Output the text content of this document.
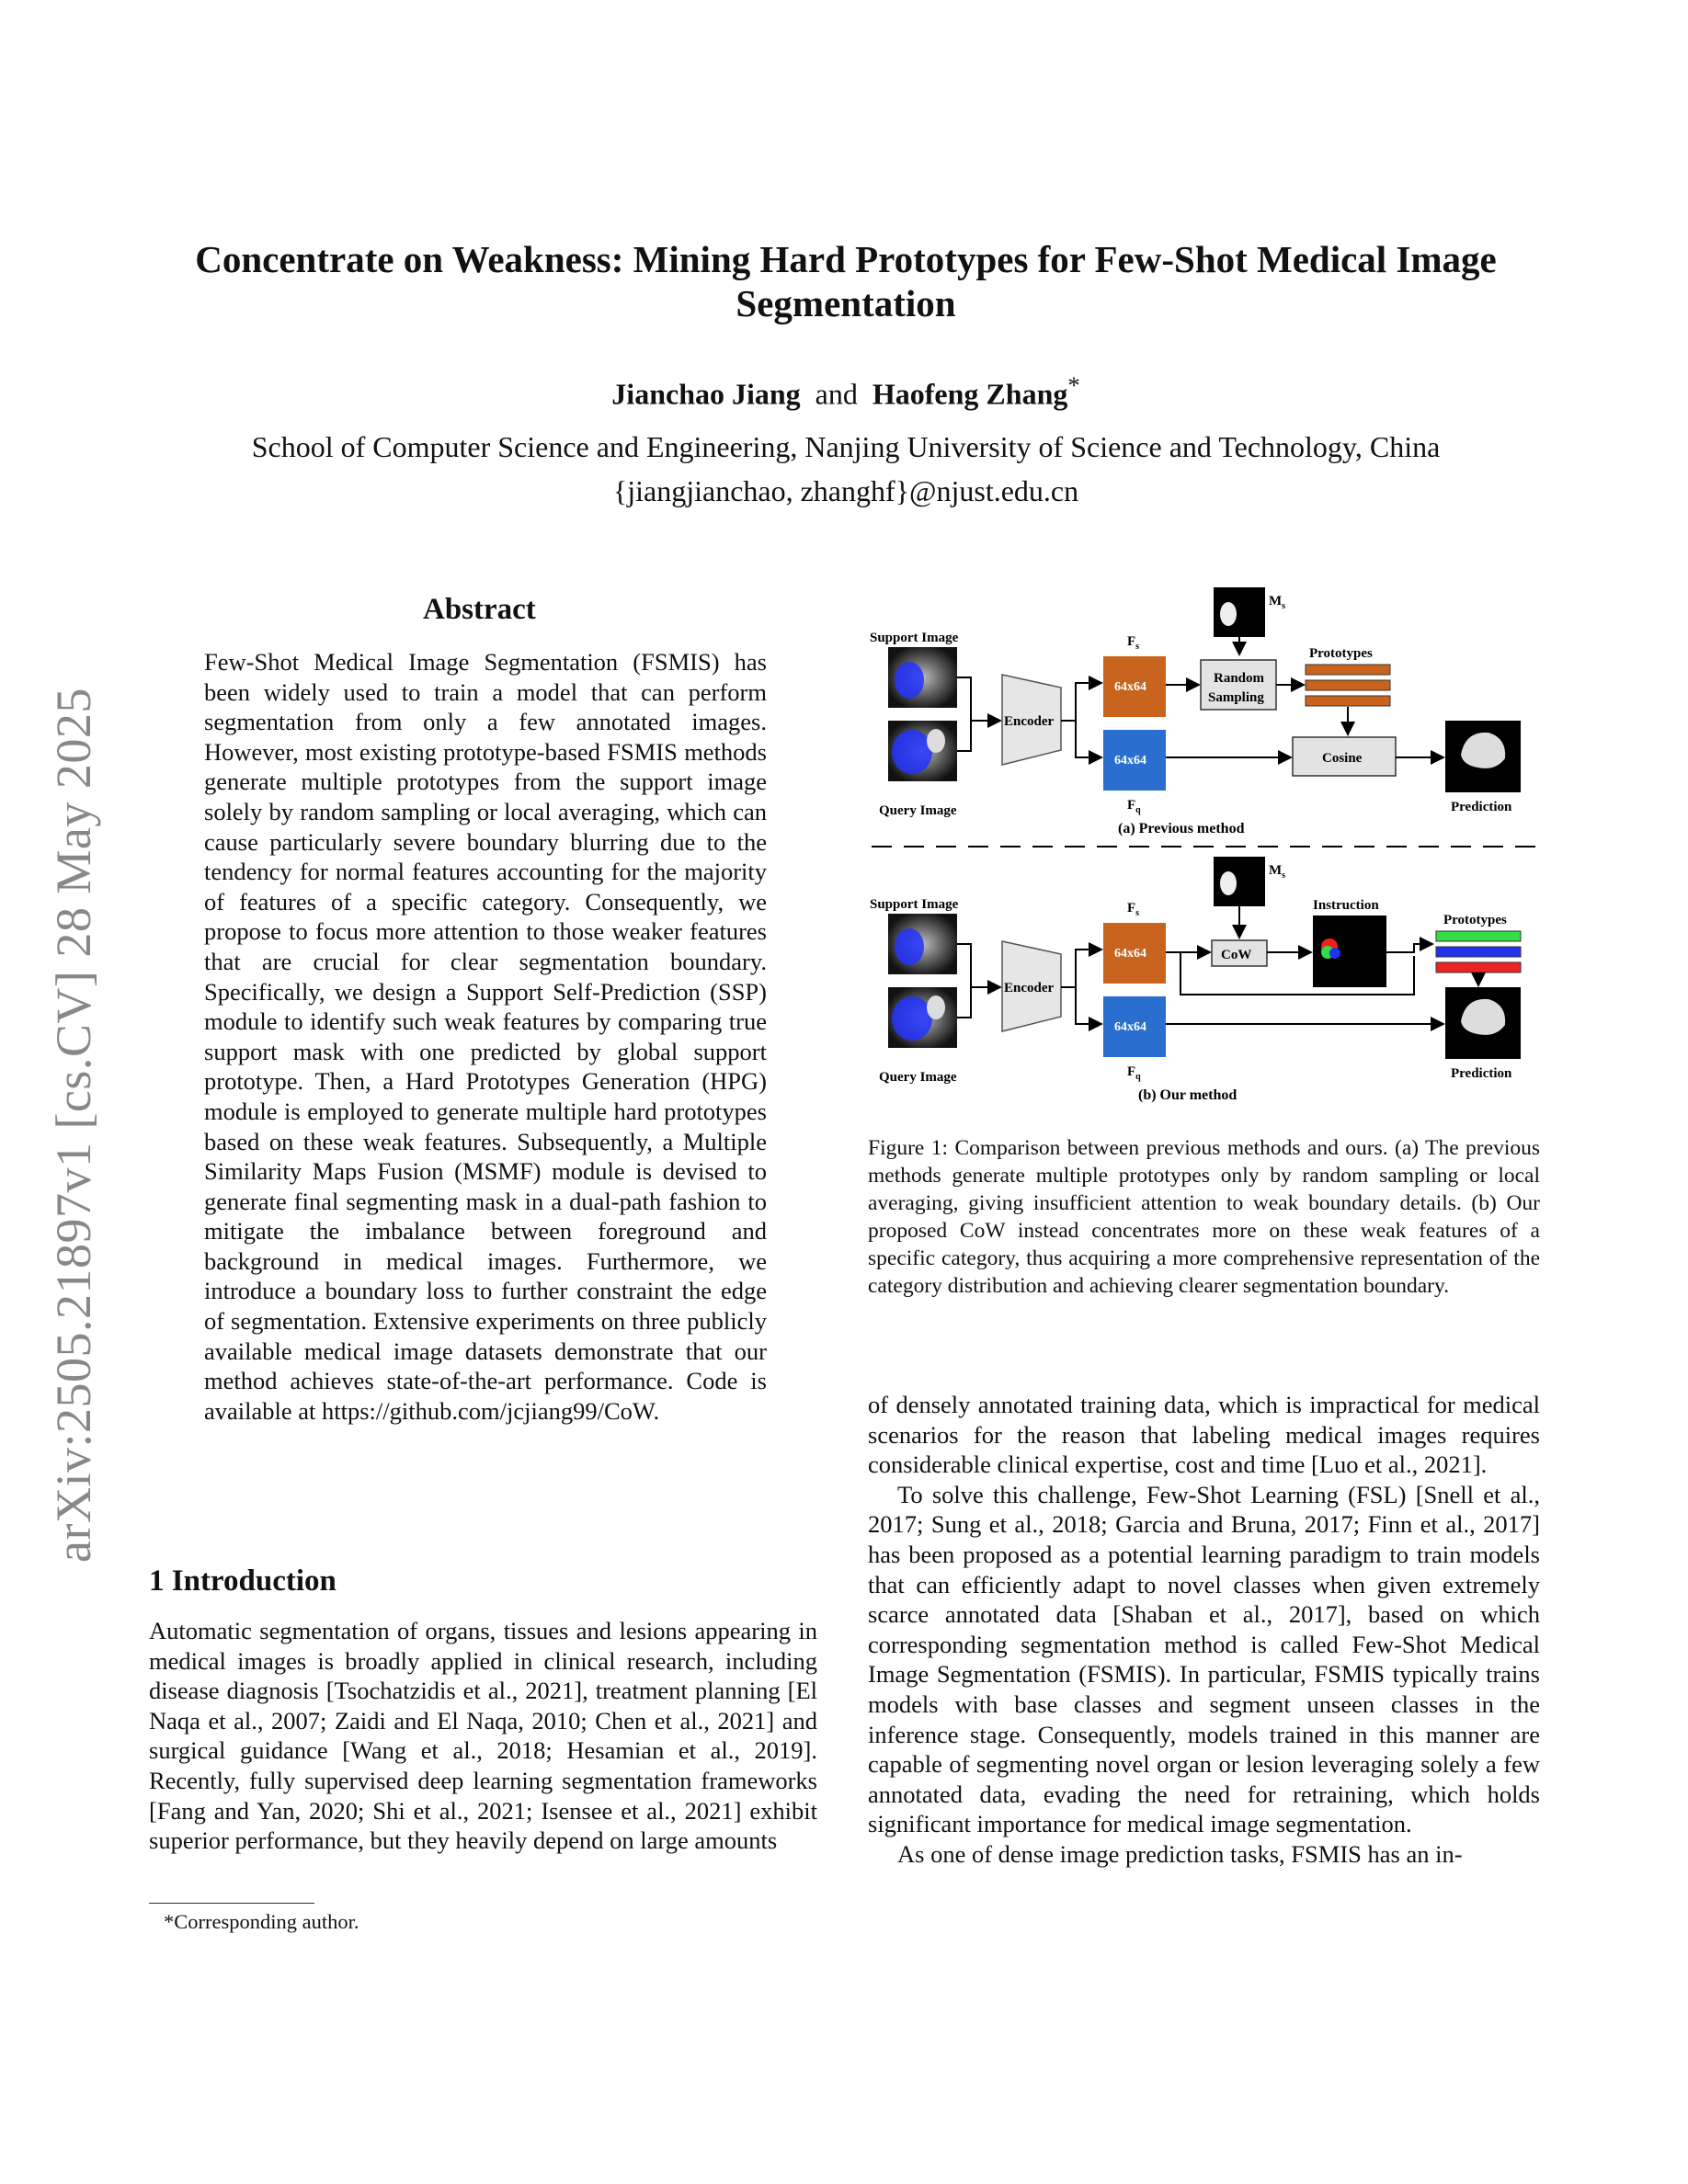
arXiv:2505.21897v1 [cs.CV] 28 May 2025
Concentrate on Weakness: Mining Hard Prototypes for Few-Shot Medical Image Segmentation
Jianchao Jiang and Haofeng Zhang*
School of Computer Science and Engineering, Nanjing University of Science and Technology, China
{jiangjianchao, zhanghf}@njust.edu.cn
Abstract
Few-Shot Medical Image Segmentation (FSMIS) has been widely used to train a model that can perform segmentation from only a few annotated images. However, most existing prototype-based FSMIS methods generate multiple prototypes from the support image solely by random sampling or local averaging, which can cause particularly severe boundary blurring due to the tendency for normal features accounting for the majority of features of a specific category. Consequently, we propose to focus more attention to those weaker features that are crucial for clear segmentation boundary. Specifically, we design a Support Self-Prediction (SSP) module to identify such weak features by comparing true support mask with one predicted by global support prototype. Then, a Hard Prototypes Generation (HPG) module is employed to generate multiple hard prototypes based on these weak features. Subsequently, a Multiple Similarity Maps Fusion (MSMF) module is devised to generate final segmenting mask in a dual-path fashion to mitigate the imbalance between foreground and background in medical images. Furthermore, we introduce a boundary loss to further constraint the edge of segmentation. Extensive experiments on three publicly available medical image datasets demonstrate that our method achieves state-of-the-art performance. Code is available at https://github.com/jcjiang99/CoW.
1 Introduction
Automatic segmentation of organs, tissues and lesions appearing in medical images is broadly applied in clinical research, including disease diagnosis [Tsochatzidis et al., 2021], treatment planning [El Naqa et al., 2007; Zaidi and El Naqa, 2010; Chen et al., 2021] and surgical guidance [Wang et al., 2018; Hesamian et al., 2019]. Recently, fully supervised deep learning segmentation frameworks [Fang and Yan, 2020; Shi et al., 2021; Isensee et al., 2021] exhibit superior performance, but they heavily depend on large amounts
*Corresponding author.
Support Image
Query Image
Encoder
$F_s$
64x64
64x64
$F_q$
$M_s$
Random
Sampling
Prototypes
Cosine
Prediction
(a) Previous method
Support Image
Query Image
Encoder
$F_s$
64x64
64x64
$F_q$
$M_s$
CoW
Instruction
Prototypes
Prediction
(b) Our method
Figure 1: Comparison between previous methods and ours. (a) The previous methods generate multiple prototypes only by random sampling or local averaging, giving insufficient attention to weak boundary details. (b) Our proposed CoW instead concentrates more on these weak features of a specific category, thus acquiring a more comprehensive representation of the category distribution and achieving clearer segmentation boundary.

of densely annotated training data, which is impractical for medical scenarios for the reason that labeling medical images requires considerable clinical expertise, cost and time [Luo et al., 2021].

To solve this challenge, Few-Shot Learning (FSL) [Snell et al., 2017; Sung et al., 2018; Garcia and Bruna, 2017; Finn et al., 2017] has been proposed as a potential learning paradigm to train models that can efficiently adapt to novel classes when given extremely scarce annotated data [Shaban et al., 2017], based on which corresponding segmentation method is called Few-Shot Medical Image Segmentation (FSMIS). In particular, FSMIS typically trains models with base classes and segment unseen classes in the inference stage. Consequently, models trained in this manner are capable of segmenting novel organ or lesion leveraging solely a few annotated data, evading the need for retraining, which holds significant importance for medical image segmentation.

As one of dense image prediction tasks, FSMIS has an in-
